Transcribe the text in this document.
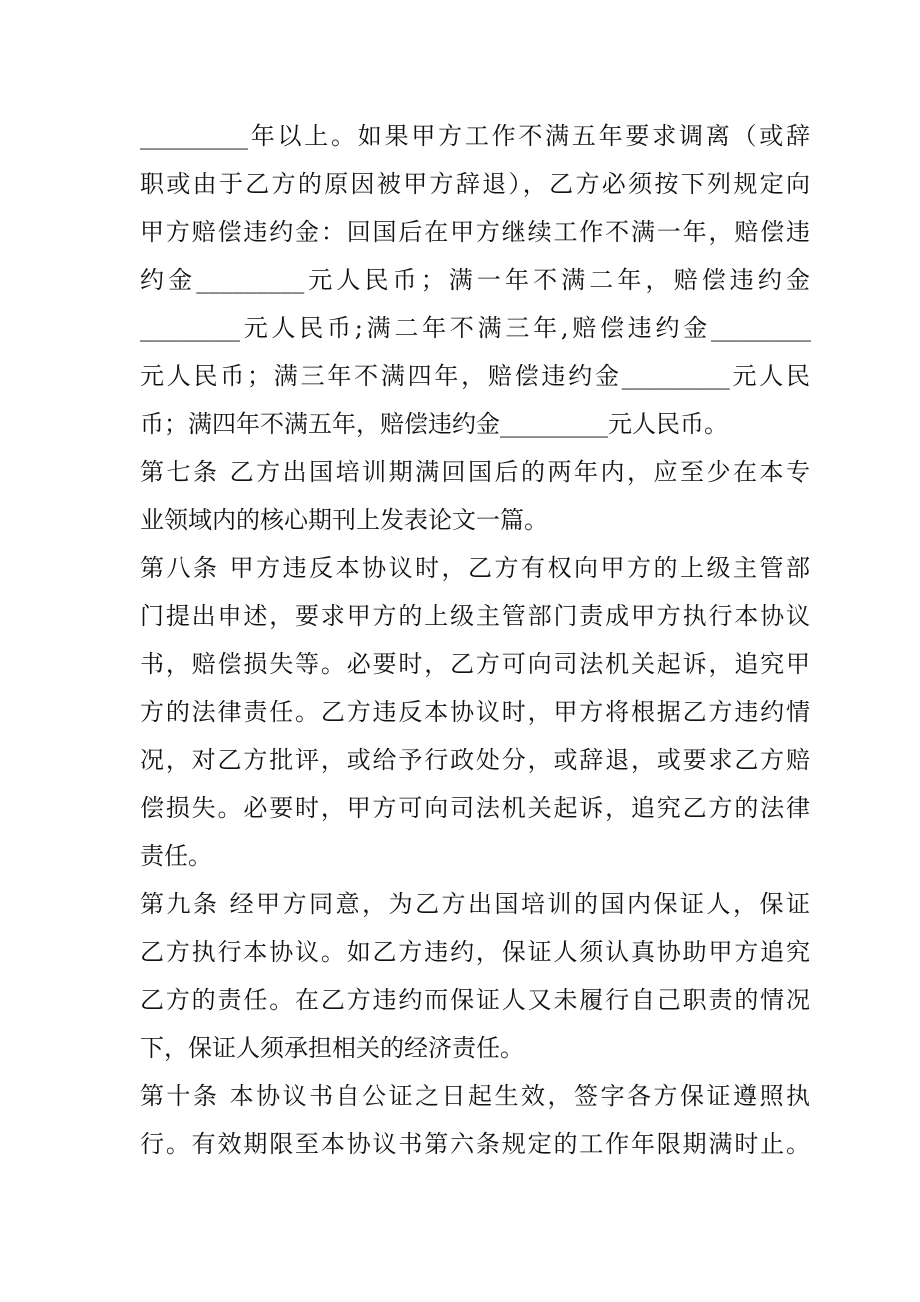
_________年以上。如果甲方工作不满五年要求调离（或辞
职或由于乙方的原因被甲方辞退），乙方必须按下列规定向
甲方赔偿违约金：回国后在甲方继续工作不满一年，赔偿违
约金_________元人民币；满一年不满二年，赔偿违约金
_________元人民币;满二年不满三年,赔偿违约金_________
元人民币；满三年不满四年，赔偿违约金_________元人民
币；满四年不满五年，赔偿违约金_________元人民币。
第七条 乙方出国培训期满回国后的两年内，应至少在本专
业领域内的核心期刊上发表论文一篇。
第八条 甲方违反本协议时，乙方有权向甲方的上级主管部
门提出申述，要求甲方的上级主管部门责成甲方执行本协议
书，赔偿损失等。必要时，乙方可向司法机关起诉，追究甲
方的法律责任。乙方违反本协议时，甲方将根据乙方违约情
况，对乙方批评，或给予行政处分，或辞退，或要求乙方赔
偿损失。必要时，甲方可向司法机关起诉，追究乙方的法律
责任。
第九条 经甲方同意，为乙方出国培训的国内保证人，保证
乙方执行本协议。如乙方违约，保证人须认真协助甲方追究
乙方的责任。在乙方违约而保证人又未履行自己职责的情况
下，保证人须承担相关的经济责任。
第十条 本协议书自公证之日起生效，签字各方保证遵照执
行。有效期限至本协议书第六条规定的工作年限期满时止。
